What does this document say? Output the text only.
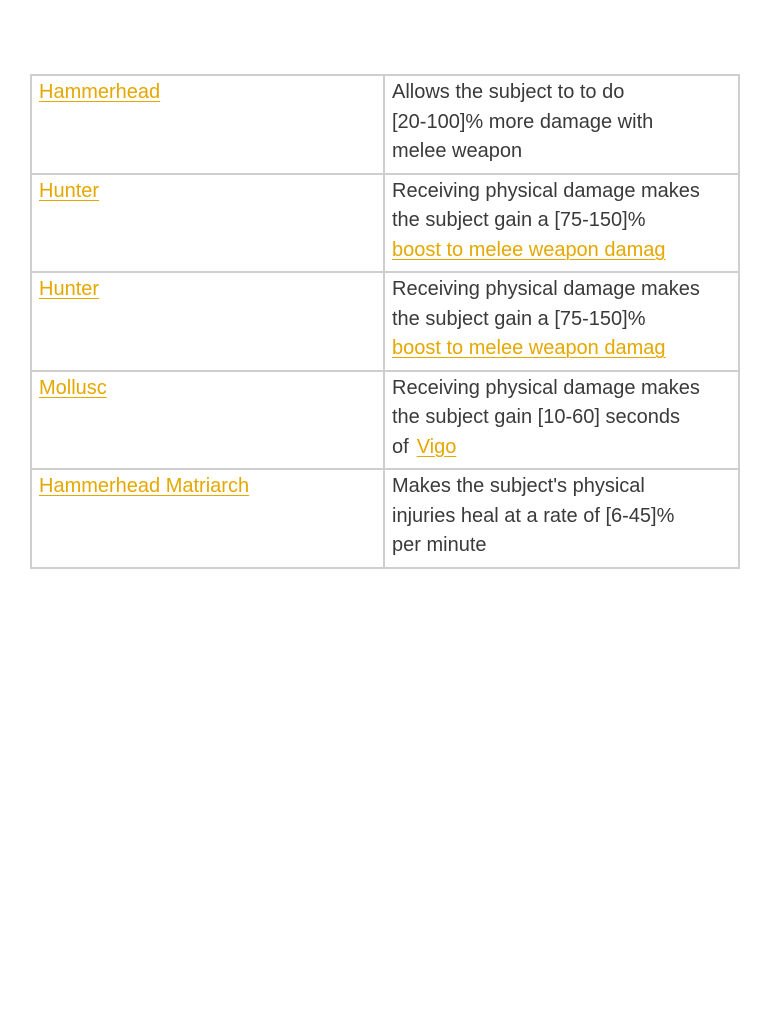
Hammerhead	Allows the subject to to do
[20-100]% more damage with
melee weapon

Hunter	Receiving physical damage makes
the subject gain a [75-150]%
boost to melee weapon damag

Hunter	Receiving physical damage makes
the subject gain a [75-150]%
boost to melee weapon damag

Mollusc	Receiving physical damage makes
the subject gain [10-60] seconds
of Vigo

Hammerhead Matriarch	Makes the subject's physical
injuries heal at a rate of [6-45]%
per minute
